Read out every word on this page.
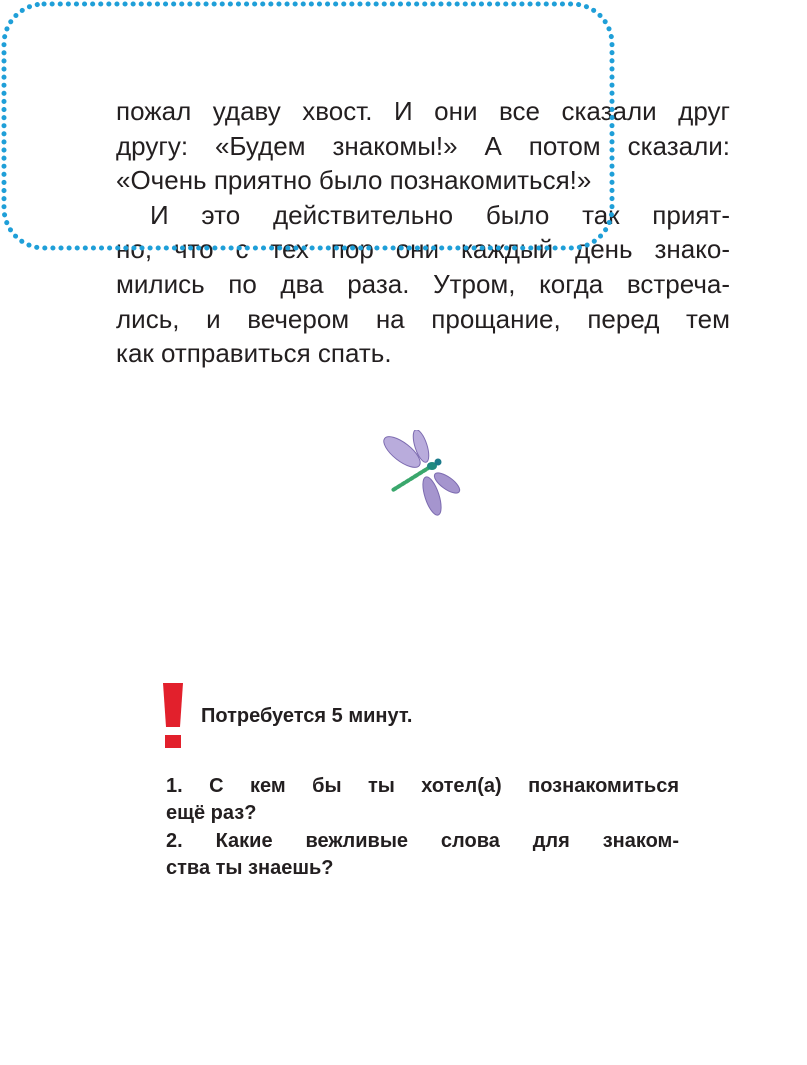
пожал удаву хвост. И они все сказали друг
другу: «Будем знакомы!» А потом сказали:
«Очень приятно было познакомиться!»
И это действительно было так прият-
но, что с тех пор они каждый день знако-
мились по два раза. Утром, когда встреча-
лись, и вечером на прощание, перед тем
как отправиться спать.
Потребуется 5 минут.
1. С кем бы ты хотел(а) познакомиться
ещё раз?
2. Какие вежливые слова для знаком-
ства ты знаешь?
